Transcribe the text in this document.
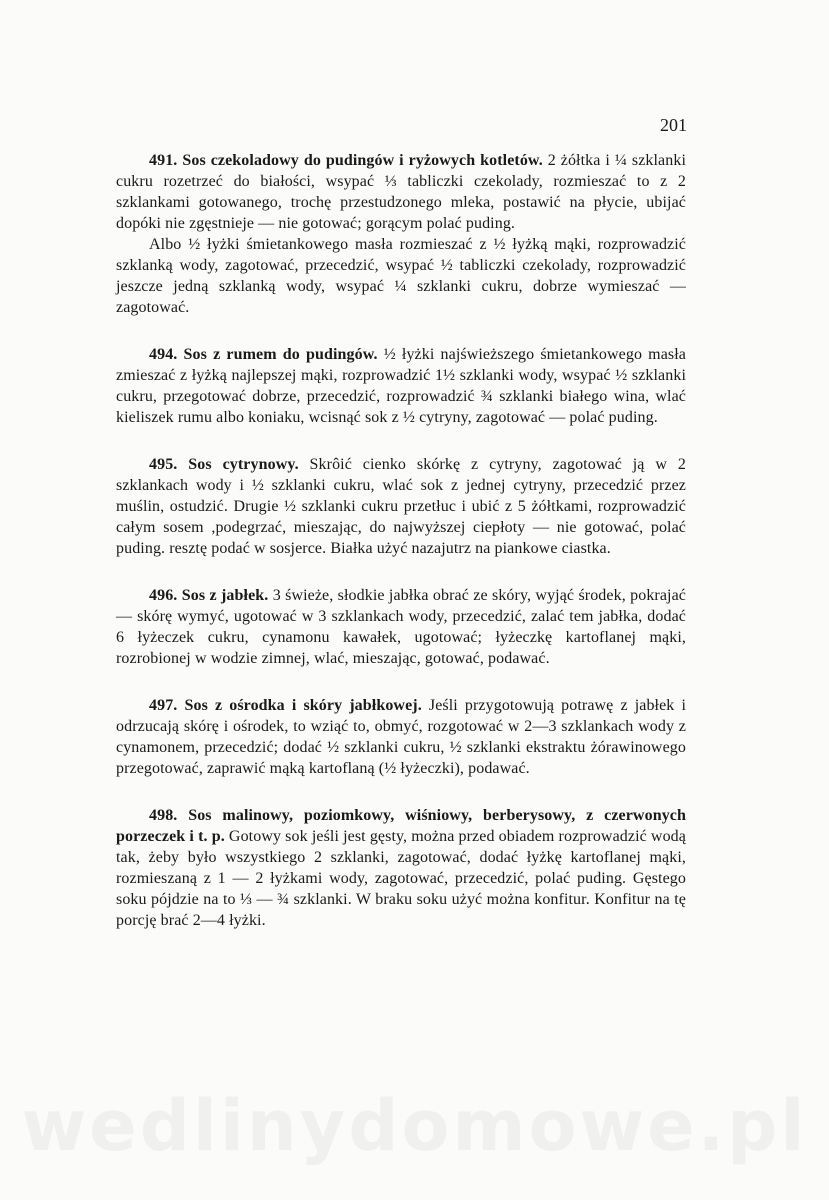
201

491. Sos czekoladowy do pudingów i ryżowych kotletów. 2 żółtka i ¼ szklanki cukru rozetrzeć do białości, wsypać ⅓ tabliczki czekolady, rozmieszać to z 2 szklankami gotowanego, trochę przestudzonego mleka, postawić na płycie, ubijać dopóki nie zgęstnieje — nie gotować; gorącym polać puding.

Albo ½ łyżki śmietankowego masła rozmieszać z ½ łyżką mąki, rozprowadzić szklanką wody, zagotować, przecedzić, wsypać ½ tabliczki czekolady, rozprowadzić jeszcze jedną szklanką wody, wsypać ¼ szklanki cukru, dobrze wymieszać — zagotować.

494. Sos z rumem do pudingów. ½ łyżki najświeższego śmietankowego masła zmieszać z łyżką najlepszej mąki, rozprowadzić 1½ szklanki wody, wsypać ½ szklanki cukru, przegotować dobrze, przecedzić, rozprowadzić ¾ szklanki białego wina, wlać kieliszek rumu albo koniaku, wcisnąć sok z ½ cytryny, zagotować — polać puding.

495. Sos cytrynowy. Skrôić cienko skórkę z cytryny, zagotować ją w 2 szklankach wody i ½ szklanki cukru, wlać sok z jednej cytryny, przecedzić przez muślin, ostudzić. Drugie ½ szklanki cukru przetłuc i ubić z 5 żółtkami, rozprowadzić całym sosem ,podegrzać, mieszając, do najwyższej ciepłoty — nie gotować, polać puding. resztę podać w sosjerce. Białka użyć nazajutrz na piankowe ciastka.

496. Sos z jabłek. 3 świeże, słodkie jabłka obrać ze skóry, wyjąć środek, pokrajać — skórę wymyć, ugotować w 3 szklankach wody, przecedzić, zalać tem jabłka, dodać 6 łyżeczek cukru, cynamonu kawałek, ugotować; łyżeczkę kartoflanej mąki, rozrobionej w wodzie zimnej, wlać, mieszając, gotować, podawać.

497. Sos z ośrodka i skóry jabłkowej. Jeśli przygotowują potrawę z jabłek i odrzucają skórę i ośrodek, to wziąć to, obmyć, rozgotować w 2—3 szklankach wody z cynamonem, przecedzić; dodać ½ szklanki cukru, ½ szklanki ekstraktu żórawinowego przegotować, zaprawić mąką kartoflaną (½ łyżeczki), podawać.

498. Sos malinowy, poziomkowy, wiśniowy, berberysowy, z czerwonych porzeczek i t. p. Gotowy sok jeśli jest gęsty, można przed obiadem rozprowadzić wodą tak, żeby było wszystkiego 2 szklanki, zagotować, dodać łyżkę kartoflanej mąki, rozmieszaną z 1 — 2 łyżkami wody, zagotować, przecedzić, polać puding. Gęstego soku pójdzie na to ⅓ — ¾ szklanki. W braku soku użyć można konfitur. Konfitur na tę porcję brać 2—4 łyżki.

wedlinydomowe.pl
